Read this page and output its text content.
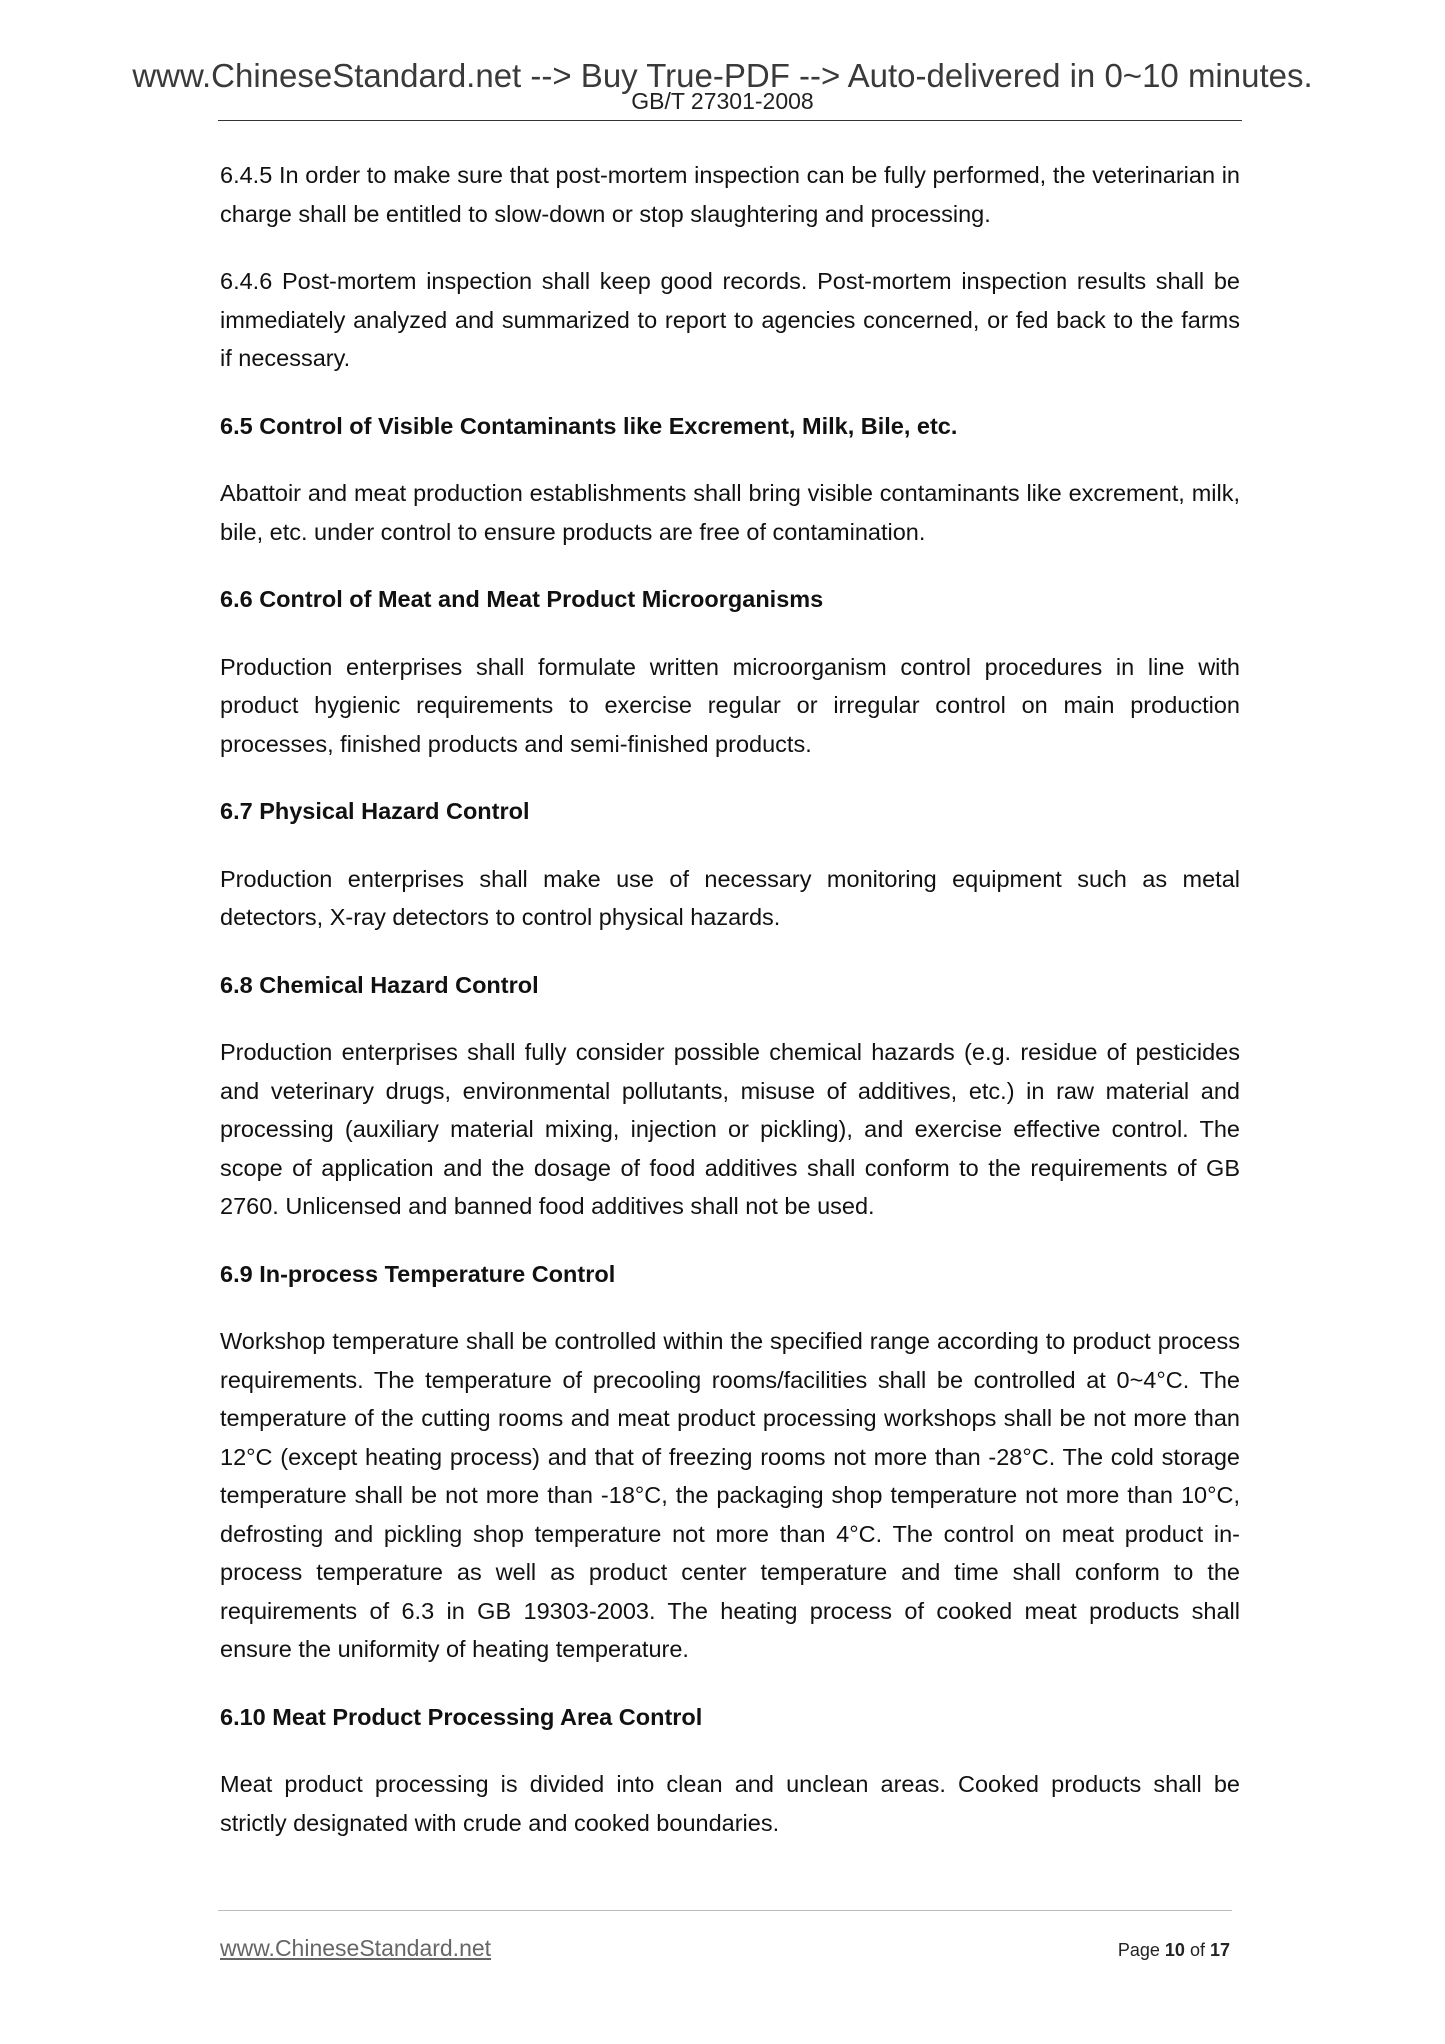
www.ChineseStandard.net --> Buy True-PDF --> Auto-delivered in 0~10 minutes.
GB/T 27301-2008

6.4.5 In order to make sure that post-mortem inspection can be fully performed, the veterinarian in charge shall be entitled to slow-down or stop slaughtering and processing.

6.4.6 Post-mortem inspection shall keep good records. Post-mortem inspection results shall be immediately analyzed and summarized to report to agencies concerned, or fed back to the farms if necessary.

6.5 Control of Visible Contaminants like Excrement, Milk, Bile, etc.

Abattoir and meat production establishments shall bring visible contaminants like excrement, milk, bile, etc. under control to ensure products are free of contamination.

6.6 Control of Meat and Meat Product Microorganisms

Production enterprises shall formulate written microorganism control procedures in line with product hygienic requirements to exercise regular or irregular control on main production processes, finished products and semi-finished products.

6.7 Physical Hazard Control

Production enterprises shall make use of necessary monitoring equipment such as metal detectors, X-ray detectors to control physical hazards.

6.8 Chemical Hazard Control

Production enterprises shall fully consider possible chemical hazards (e.g. residue of pesticides and veterinary drugs, environmental pollutants, misuse of additives, etc.) in raw material and processing (auxiliary material mixing, injection or pickling), and exercise effective control. The scope of application and the dosage of food additives shall conform to the requirements of GB 2760. Unlicensed and banned food additives shall not be used.

6.9 In-process Temperature Control

Workshop temperature shall be controlled within the specified range according to product process requirements. The temperature of precooling rooms/facilities shall be controlled at 0~4°C. The temperature of the cutting rooms and meat product processing workshops shall be not more than 12°C (except heating process) and that of freezing rooms not more than -28°C. The cold storage temperature shall be not more than -18°C, the packaging shop temperature not more than 10°C, defrosting and pickling shop temperature not more than 4°C. The control on meat product in-process temperature as well as product center temperature and time shall conform to the requirements of 6.3 in GB 19303-2003. The heating process of cooked meat products shall ensure the uniformity of heating temperature.

6.10 Meat Product Processing Area Control

Meat product processing is divided into clean and unclean areas. Cooked products shall be strictly designated with crude and cooked boundaries.

www.ChineseStandard.net	Page 10 of 17
